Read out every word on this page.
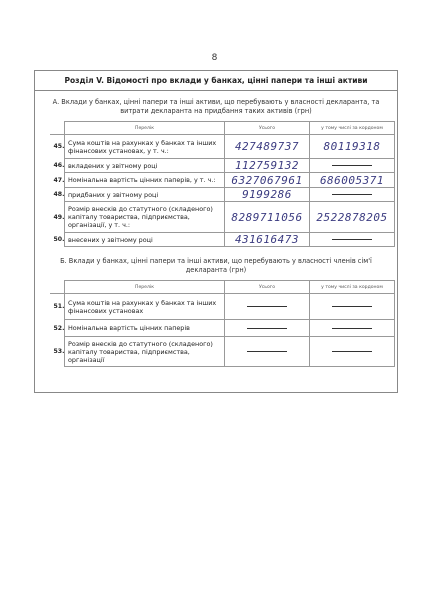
8
Розділ V. Відомості про вклади у банках, цінні папери та інші активи
А. Вклади у банках, цінні папери та інші активи, що перебувають у власності декларанта, та витрати декларанта на придбання таких активів (грн)
	Перелік	Усього	у тому числі за кордоном
45.	Сума коштів на рахунках у банках та інших фінансових установах, у т. ч.:	427489737	80119318
46.	вкладених у звітному році	112759132	
47.	Номінальна вартість цінних паперів, у т. ч.:	6327067961	686005371
48.	придбаних у звітному році	9199286	
49.	Розмір внесків до статутного (складеного) капіталу товариства, підприємства, організації, у т. ч.:	8289711056	2522878205
50.	внесених у звітному році	431616473	
Б. Вклади у банках, цінні папери та інші активи, що перебувають у власності членів сім'ї декларанта (грн)
	Перелік	Усього	у тому числі за кордоном
51.	Сума коштів на рахунках у банках та інших фінансових установах		
52.	Номінальна вартість цінних паперів		
53.	Розмір внесків до статутного (складеного) капіталу товариства, підприємства, організації		
